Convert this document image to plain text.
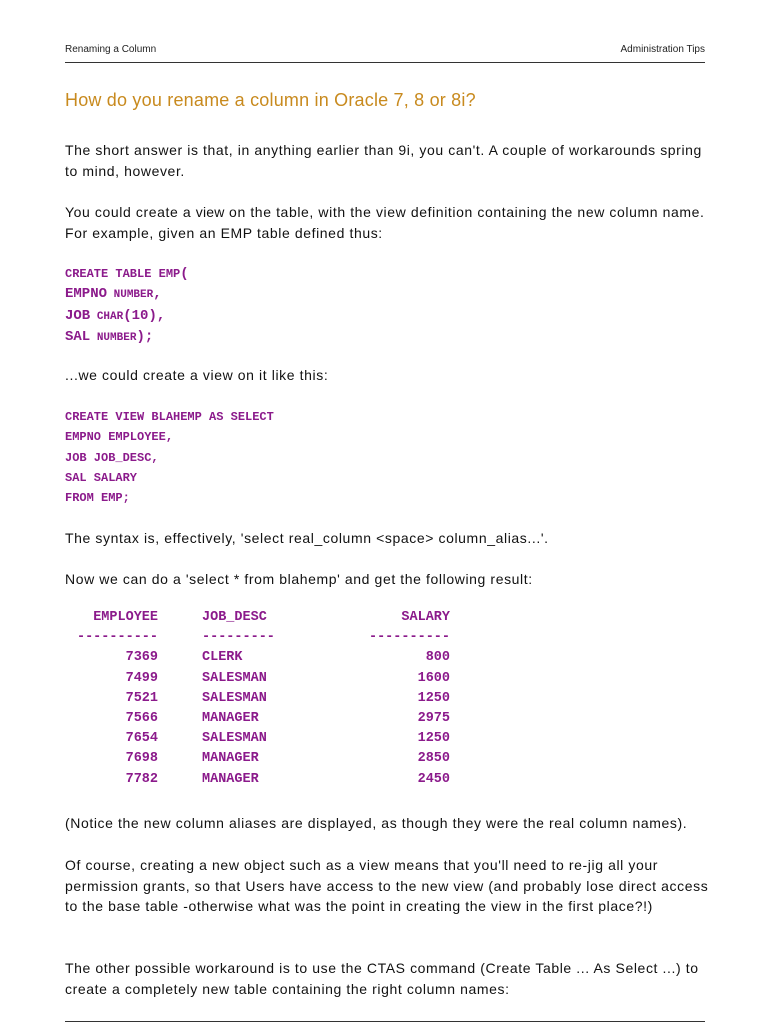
Renaming a Column	Administration Tips
How do you rename a column in Oracle 7, 8 or 8i?
The short answer is that, in anything earlier than 9i, you can't. A couple of workarounds spring to mind, however.
You could create a view on the table, with the view definition containing the new column name. For example, given an EMP table defined thus:
CREATE TABLE EMP(
EMPNO NUMBER,
JOB CHAR(10),
SAL NUMBER);
...we could create a view on it like this:
CREATE VIEW BLAHEMP AS SELECT
EMPNO EMPLOYEE,
JOB JOB_DESC,
SAL SALARY
FROM EMP;
The syntax is, effectively, 'select real_column <space> column_alias...'.
Now we can do a 'select * from blahemp' and get the following result:
EMPLOYEE	JOB_DESC	SALARY
----------	---------	----------
7369	CLERK	800
7499	SALESMAN	1600
7521	SALESMAN	1250
7566	MANAGER	2975
7654	SALESMAN	1250
7698	MANAGER	2850
7782	MANAGER	2450
(Notice the new column aliases are displayed, as though they were the real column names).
Of course, creating a new object such as a view means that you'll need to re-jig all your permission grants, so that Users have access to the new view (and probably lose direct access to the base table -otherwise what was the point in creating the view in the first place?!)
The other possible workaround is to use the CTAS command (Create Table ... As Select ...) to create a completely new table containing the right column names:
